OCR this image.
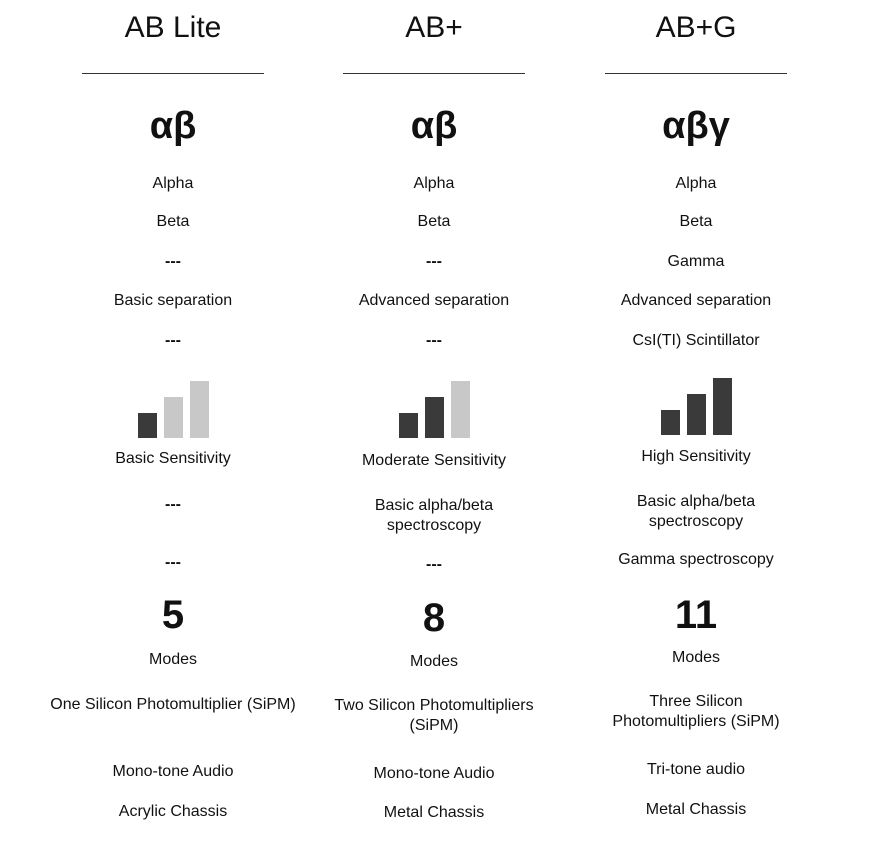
AB Lite
αβ
Alpha
Beta
---
Basic separation
---
Basic Sensitivity
---
---
5
Modes
One Silicon Photomultiplier (SiPM)
Mono-tone Audio
Acrylic Chassis
AB+
αβ
Alpha
Beta
---
Advanced separation
---
Moderate Sensitivity
Basic alpha/beta spectroscopy
---
8
Modes
Two Silicon Photomultipliers (SiPM)
Mono-tone Audio
Metal Chassis
AB+G
αβγ
Alpha
Beta
Gamma
Advanced separation
CsI(TI) Scintillator
High Sensitivity
Basic alpha/beta spectroscopy
Gamma spectroscopy
11
Modes
Three Silicon Photomultipliers (SiPM)
Tri-tone audio
Metal Chassis
